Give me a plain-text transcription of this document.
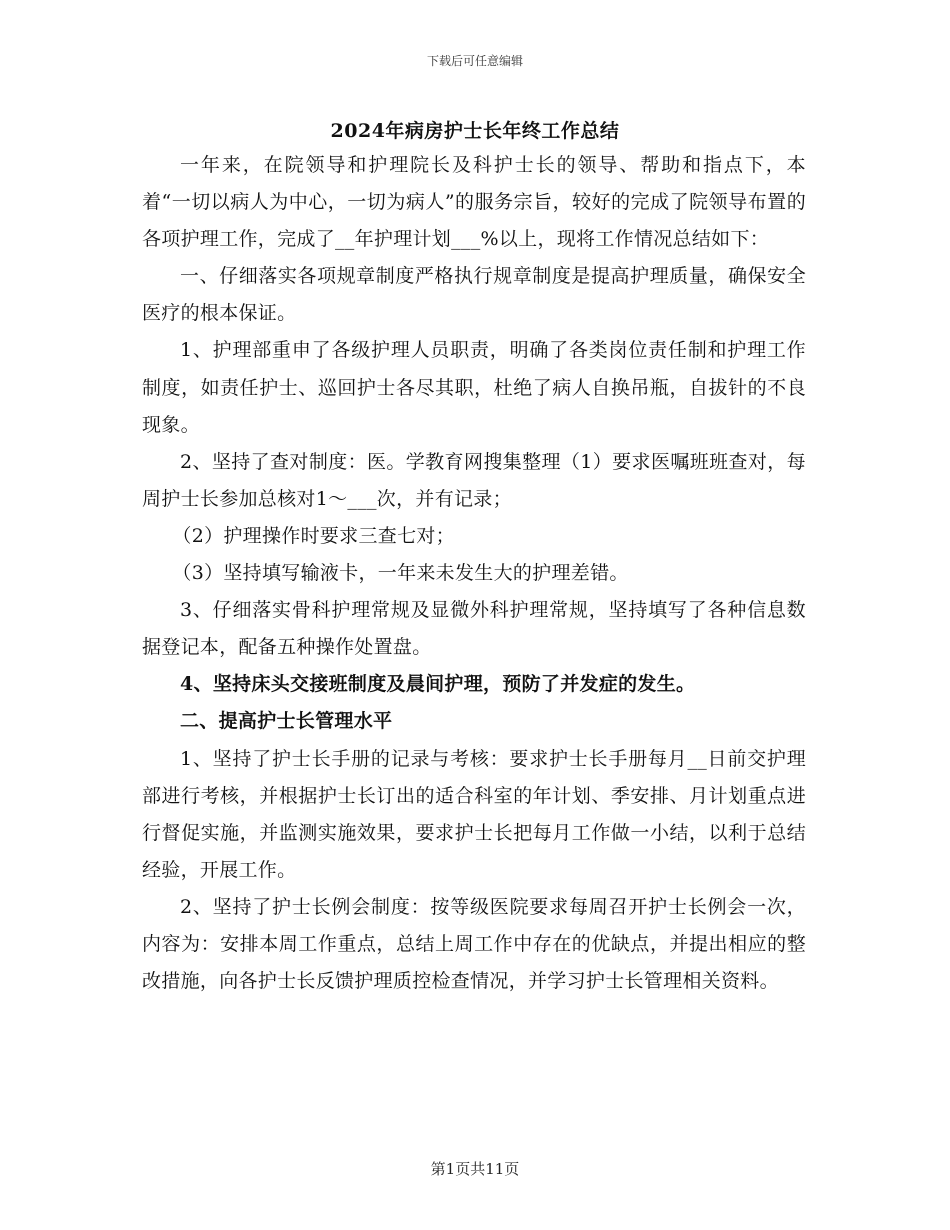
下载后可任意编辑
2024年病房护士长年终工作总结

一年来，在院领导和护理院长及科护士长的领导、帮助和指点下，本着“一切以病人为中心，一切为病人”的服务宗旨，较好的完成了院领导布置的各项护理工作，完成了__年护理计划___%以上，现将工作情况总结如下：

一、仔细落实各项规章制度严格执行规章制度是提高护理质量，确保安全医疗的根本保证。

1、护理部重申了各级护理人员职责，明确了各类岗位责任制和护理工作制度，如责任护士、巡回护士各尽其职，杜绝了病人自换吊瓶，自拔针的不良现象。

2、坚持了查对制度：医。学教育网搜集整理（1）要求医嘱班班查对，每周护士长参加总核对1～___次，并有记录；

（2）护理操作时要求三查七对；

（3）坚持填写输液卡，一年来未发生大的护理差错。

3、仔细落实骨科护理常规及显微外科护理常规，坚持填写了各种信息数据登记本，配备五种操作处置盘。

4、坚持床头交接班制度及晨间护理，预防了并发症的发生。

二、提高护士长管理水平

1、坚持了护士长手册的记录与考核：要求护士长手册每月__日前交护理部进行考核，并根据护士长订出的适合科室的年计划、季安排、月计划重点进行督促实施，并监测实施效果，要求护士长把每月工作做一小结，以利于总结经验，开展工作。

2、坚持了护士长例会制度：按等级医院要求每周召开护士长例会一次，内容为：安排本周工作重点，总结上周工作中存在的优缺点，并提出相应的整改措施，向各护士长反馈护理质控检查情况，并学习护士长管理相关资料。

第1页共11页
